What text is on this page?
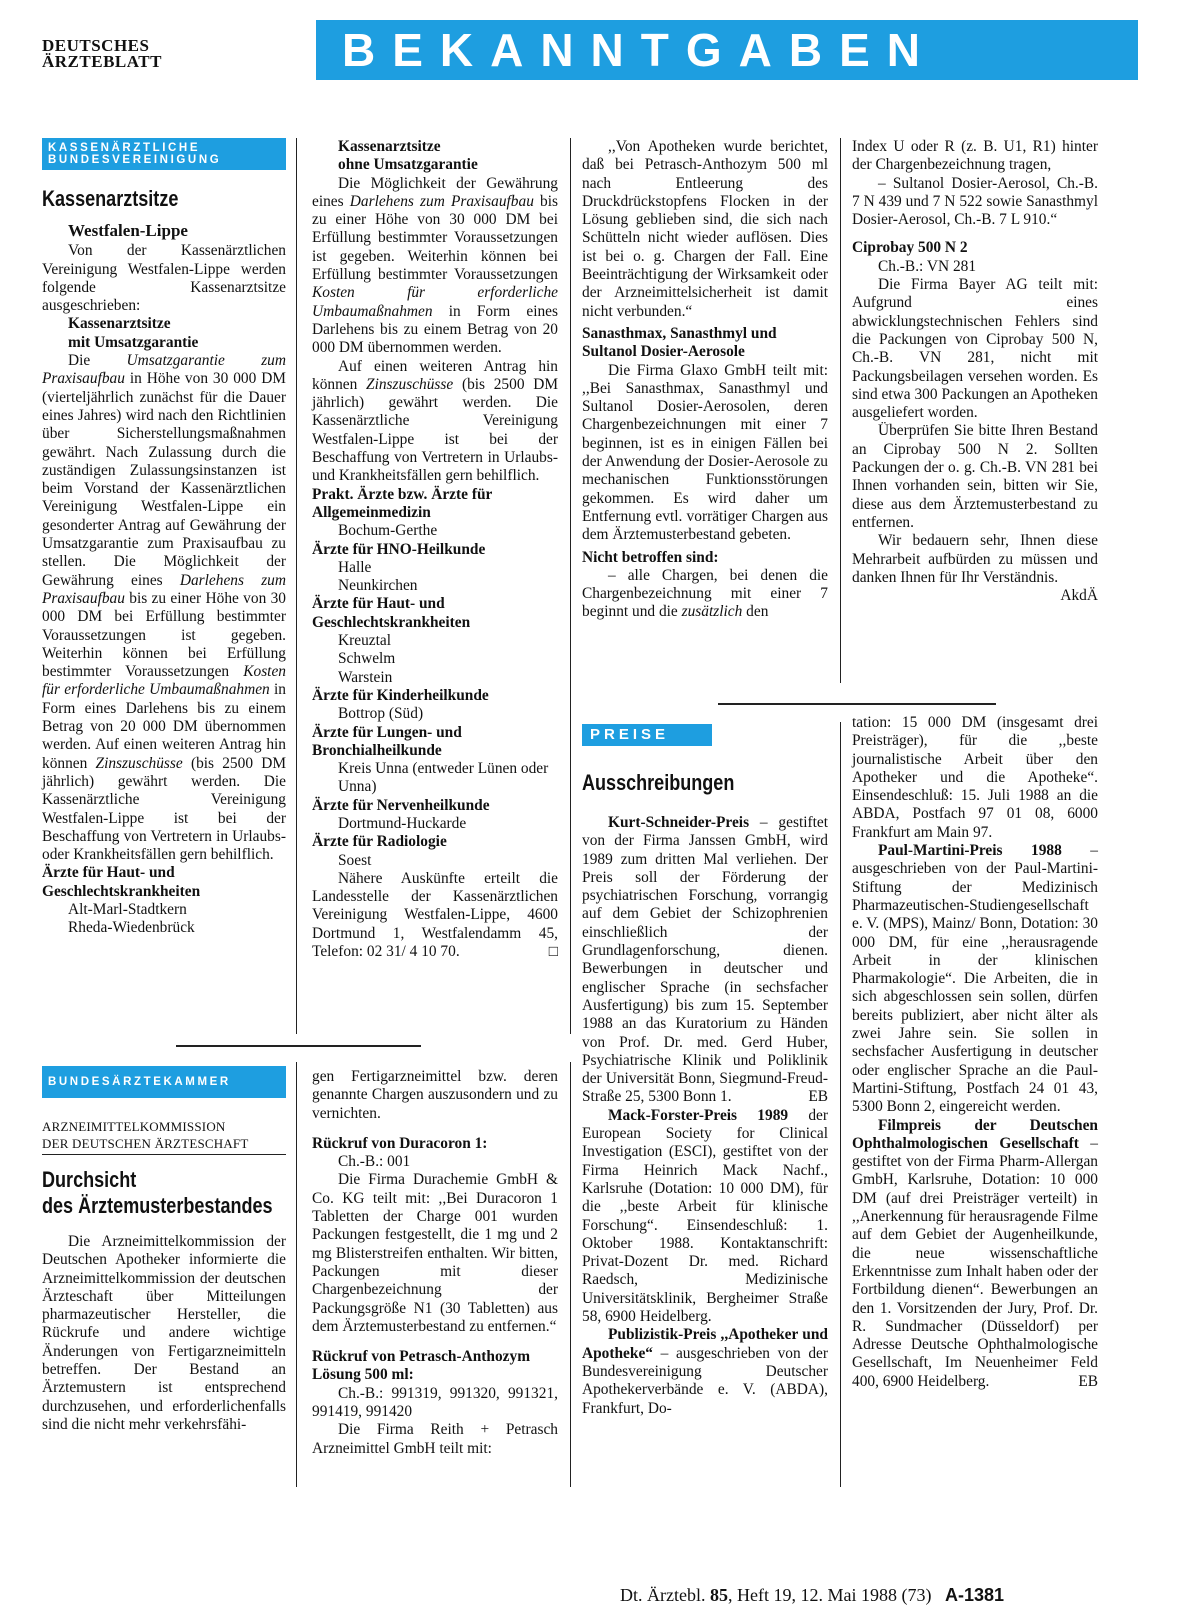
DEUTSCHES
ÄRZTEBLATT	BEKANNTGABEN
KASSENÄRZTLICHE
BUNDESVEREINIGUNG
Kassenarztsitze
Westfalen-Lippe

Von der Kassenärztlichen Vereinigung Westfalen-Lippe werden folgende Kassenarztsitze ausgeschrieben:

Kassenarztsitze
mit Umsatzgarantie

Die Umsatzgarantie zum Praxisaufbau in Höhe von 30 000 DM (vierteljährlich zunächst für die Dauer eines Jahres) wird nach den Richtlinien über Sicherstellungsmaßnahmen gewährt. Nach Zulassung durch die zuständigen Zulassungsinstanzen ist beim Vorstand der Kassenärztlichen Vereinigung Westfalen-Lippe ein gesonderter Antrag auf Gewährung der Umsatzgarantie zum Praxisaufbau zu stellen. Die Möglichkeit der Gewährung eines Darlehens zum Praxisaufbau bis zu einer Höhe von 30 000 DM bei Erfüllung bestimmter Voraussetzungen ist gegeben. Weiterhin können bei Erfüllung bestimmter Voraussetzungen Kosten für erforderliche Umbaumaßnahmen in Form eines Darlehens bis zu einem Betrag von 20 000 DM übernommen werden. Auf einen weiteren Antrag hin können Zinszuschüsse (bis 2500 DM jährlich) gewährt werden. Die Kassenärztliche Vereinigung Westfalen-Lippe ist bei der Beschaffung von Vertretern in Urlaubs- oder Krankheitsfällen gern behilflich.

Ärzte für Haut- und Geschlechtskrankheiten

Alt-Marl-Stadtkern

Rheda-Wiedenbrück

Kassenarztsitze
ohne Umsatzgarantie

Die Möglichkeit der Gewährung eines Darlehens zum Praxisaufbau bis zu einer Höhe von 30 000 DM bei Erfüllung bestimmter Voraussetzungen ist gegeben. Weiterhin können bei Erfüllung bestimmter Voraussetzungen Kosten für erforderliche Umbaumaßnahmen in Form eines Darlehens bis zu einem Betrag von 20 000 DM übernommen werden.

Auf einen weiteren Antrag hin können Zinszuschüsse (bis 2500 DM jährlich) gewährt werden. Die Kassenärztliche Vereinigung Westfalen-Lippe ist bei der Beschaffung von Vertretern in Urlaubs- und Krankheitsfällen gern behilflich.

Prakt. Ärzte bzw. Ärzte für Allgemeinmedizin

Bochum-Gerthe

Ärzte für HNO-Heilkunde

Halle

Neunkirchen

Ärzte für Haut- und Geschlechtskrankheiten

Kreuztal

Schwelm

Warstein

Ärzte für Kinderheilkunde

Bottrop (Süd)

Ärzte für Lungen- und Bronchialheilkunde

Kreis Unna (entweder Lünen oder Unna)

Ärzte für Nervenheilkunde

Dortmund-Huckarde

Ärzte für Radiologie

Soest

Nähere Auskünfte erteilt die Landesstelle der Kassenärztlichen Vereinigung Westfalen-Lippe, 4600 Dortmund 1, Westfalendamm 45, Telefon: 02 31/ 4 10 70.	□

,,Von Apotheken wurde berichtet, daß bei Petrasch-Anthozym 500 ml nach Entleerung des Druckdrückstopfens Flocken in der Lösung geblieben sind, die sich nach Schütteln nicht wieder auflösen. Dies ist bei o. g. Chargen der Fall. Eine Beeinträchtigung der Wirksamkeit oder der Arzneimittelsicherheit ist damit nicht verbunden.“

Sanasthmax, Sanasthmyl und Sultanol Dosier-Aerosole

Die Firma Glaxo GmbH teilt mit: ,,Bei Sanasthmax, Sanasthmyl und Sultanol Dosier-Aerosolen, deren Chargenbezeichnungen mit einer 7 beginnen, ist es in einigen Fällen bei der Anwendung der Dosier-Aerosole zu mechanischen Funktionsstörungen gekommen. Es wird daher um Entfernung evtl. vorrätiger Chargen aus dem Ärztemusterbestand gebeten.

Nicht betroffen sind:

– alle Chargen, bei denen die Chargenbezeichnung mit einer 7 beginnt und die zusätzlich den

Index U oder R (z. B. U1, R1) hinter der Chargenbezeichnung tragen,

– Sultanol Dosier-Aerosol, Ch.-B. 7 N 439 und 7 N 522 sowie Sanasthmyl Dosier-Aerosol, Ch.-B. 7 L 910.“

Ciprobay 500 N 2

Ch.-B.: VN 281

Die Firma Bayer AG teilt mit: Aufgrund eines abwicklungstechnischen Fehlers sind die Packungen von Ciprobay 500 N, Ch.-B. VN 281, nicht mit Packungsbeilagen versehen worden. Es sind etwa 300 Packungen an Apotheken ausgeliefert worden.

Überprüfen Sie bitte Ihren Bestand an Ciprobay 500 N 2. Sollten Packungen der o. g. Ch.-B. VN 281 bei Ihnen vorhanden sein, bitten wir Sie, diese aus dem Ärztemusterbestand zu entfernen.

Wir bedauern sehr, Ihnen diese Mehrarbeit aufbürden zu müssen und danken Ihnen für Ihr Verständnis.
AkdÄ

BUNDESÄRZTEKAMMER
ARZNEIMITTELKOMMISSION
DER DEUTSCHEN ÄRZTESCHAFT
Durchsicht
des Ärztemusterbestandes

Die Arzneimittelkommission der Deutschen Apotheker informierte die Arzneimittelkommission der deutschen Ärzteschaft über Mitteilungen pharmazeutischer Hersteller, die Rückrufe und andere wichtige Änderungen von Fertigarzneimitteln betreffen. Der Bestand an Ärztemustern ist entsprechend durchzusehen, und erforderlichenfalls sind die nicht mehr verkehrsfähi-

gen Fertigarzneimittel bzw. deren genannte Chargen auszusondern und zu vernichten.

Rückruf von Duracoron 1:

Ch.-B.: 001

Die Firma Durachemie GmbH & Co. KG teilt mit: ,,Bei Duracoron 1 Tabletten der Charge 001 wurden Packungen festgestellt, die 1 mg und 2 mg Blisterstreifen enthalten. Wir bitten, Packungen mit dieser Chargenbezeichnung der Packungsgröße N1 (30 Tabletten) aus dem Ärztemusterbestand zu entfernen.“

Rückruf von Petrasch-Anthozym Lösung 500 ml:

Ch.-B.: 991319, 991320, 991321, 991419, 991420

Die Firma Reith + Petrasch Arzneimittel GmbH teilt mit:

PREISE
Ausschreibungen

Kurt-Schneider-Preis – gestiftet von der Firma Janssen GmbH, wird 1989 zum dritten Mal verliehen. Der Preis soll der Förderung der psychiatrischen Forschung, vorrangig auf dem Gebiet der Schizophrenien einschließlich der Grundlagenforschung, dienen. Bewerbungen in deutscher und englischer Sprache (in sechsfacher Ausfertigung) bis zum 15. September 1988 an das Kuratorium zu Händen von Prof. Dr. med. Gerd Huber, Psychiatrische Klinik und Poliklinik der Universität Bonn, Siegmund-Freud-Straße 25, 5300 Bonn 1.	EB

Mack-Forster-Preis 1989 der European Society for Clinical Investigation (ESCI), gestiftet von der Firma Heinrich Mack Nachf., Karlsruhe (Dotation: 10 000 DM), für die ,,beste Arbeit für klinische Forschung“. Einsendeschluß: 1. Oktober 1988. Kontaktanschrift: Privat-Dozent Dr. med. Richard Raedsch, Medizinische Universitätsklinik, Bergheimer Straße 58, 6900 Heidelberg.

Publizistik-Preis ,,Apotheker und Apotheke“ – ausgeschrieben von der Bundesvereinigung Deutscher Apothekerverbände e. V. (ABDA), Frankfurt, Do-

tation: 15 000 DM (insgesamt drei Preisträger), für die ,,beste journalistische Arbeit über den Apotheker und die Apotheke“. Einsendeschluß: 15. Juli 1988 an die ABDA, Postfach 97 01 08, 6000 Frankfurt am Main 97.

Paul-Martini-Preis 1988 – ausgeschrieben von der Paul-Martini-Stiftung der Medizinisch Pharmazeutischen-Studiengesellschaft e. V. (MPS), Mainz/ Bonn, Dotation: 30 000 DM, für eine ,,herausragende Arbeit in der klinischen Pharmakologie“. Die Arbeiten, die in sich abgeschlossen sein sollen, dürfen bereits publiziert, aber nicht älter als zwei Jahre sein. Sie sollen in sechsfacher Ausfertigung in deutscher oder englischer Sprache an die Paul-Martini-Stiftung, Postfach 24 01 43, 5300 Bonn 2, eingereicht werden.

Filmpreis der Deutschen Ophthalmologischen Gesellschaft – gestiftet von der Firma Pharm-Allergan GmbH, Karlsruhe, Dotation: 10 000 DM (auf drei Preisträger verteilt) in ,,Anerkennung für herausragende Filme auf dem Gebiet der Augenheilkunde, die neue wissenschaftliche Erkenntnisse zum Inhalt haben oder der Fortbildung dienen“. Bewerbungen an den 1. Vorsitzenden der Jury, Prof. Dr. R. Sundmacher (Düsseldorf) per Adresse Deutsche Ophthalmologische Gesellschaft, Im Neuenheimer Feld 400, 6900 Heidelberg.	EB

Dt. Ärztebl. 85, Heft 19, 12. Mai 1988 (73) A-1381
